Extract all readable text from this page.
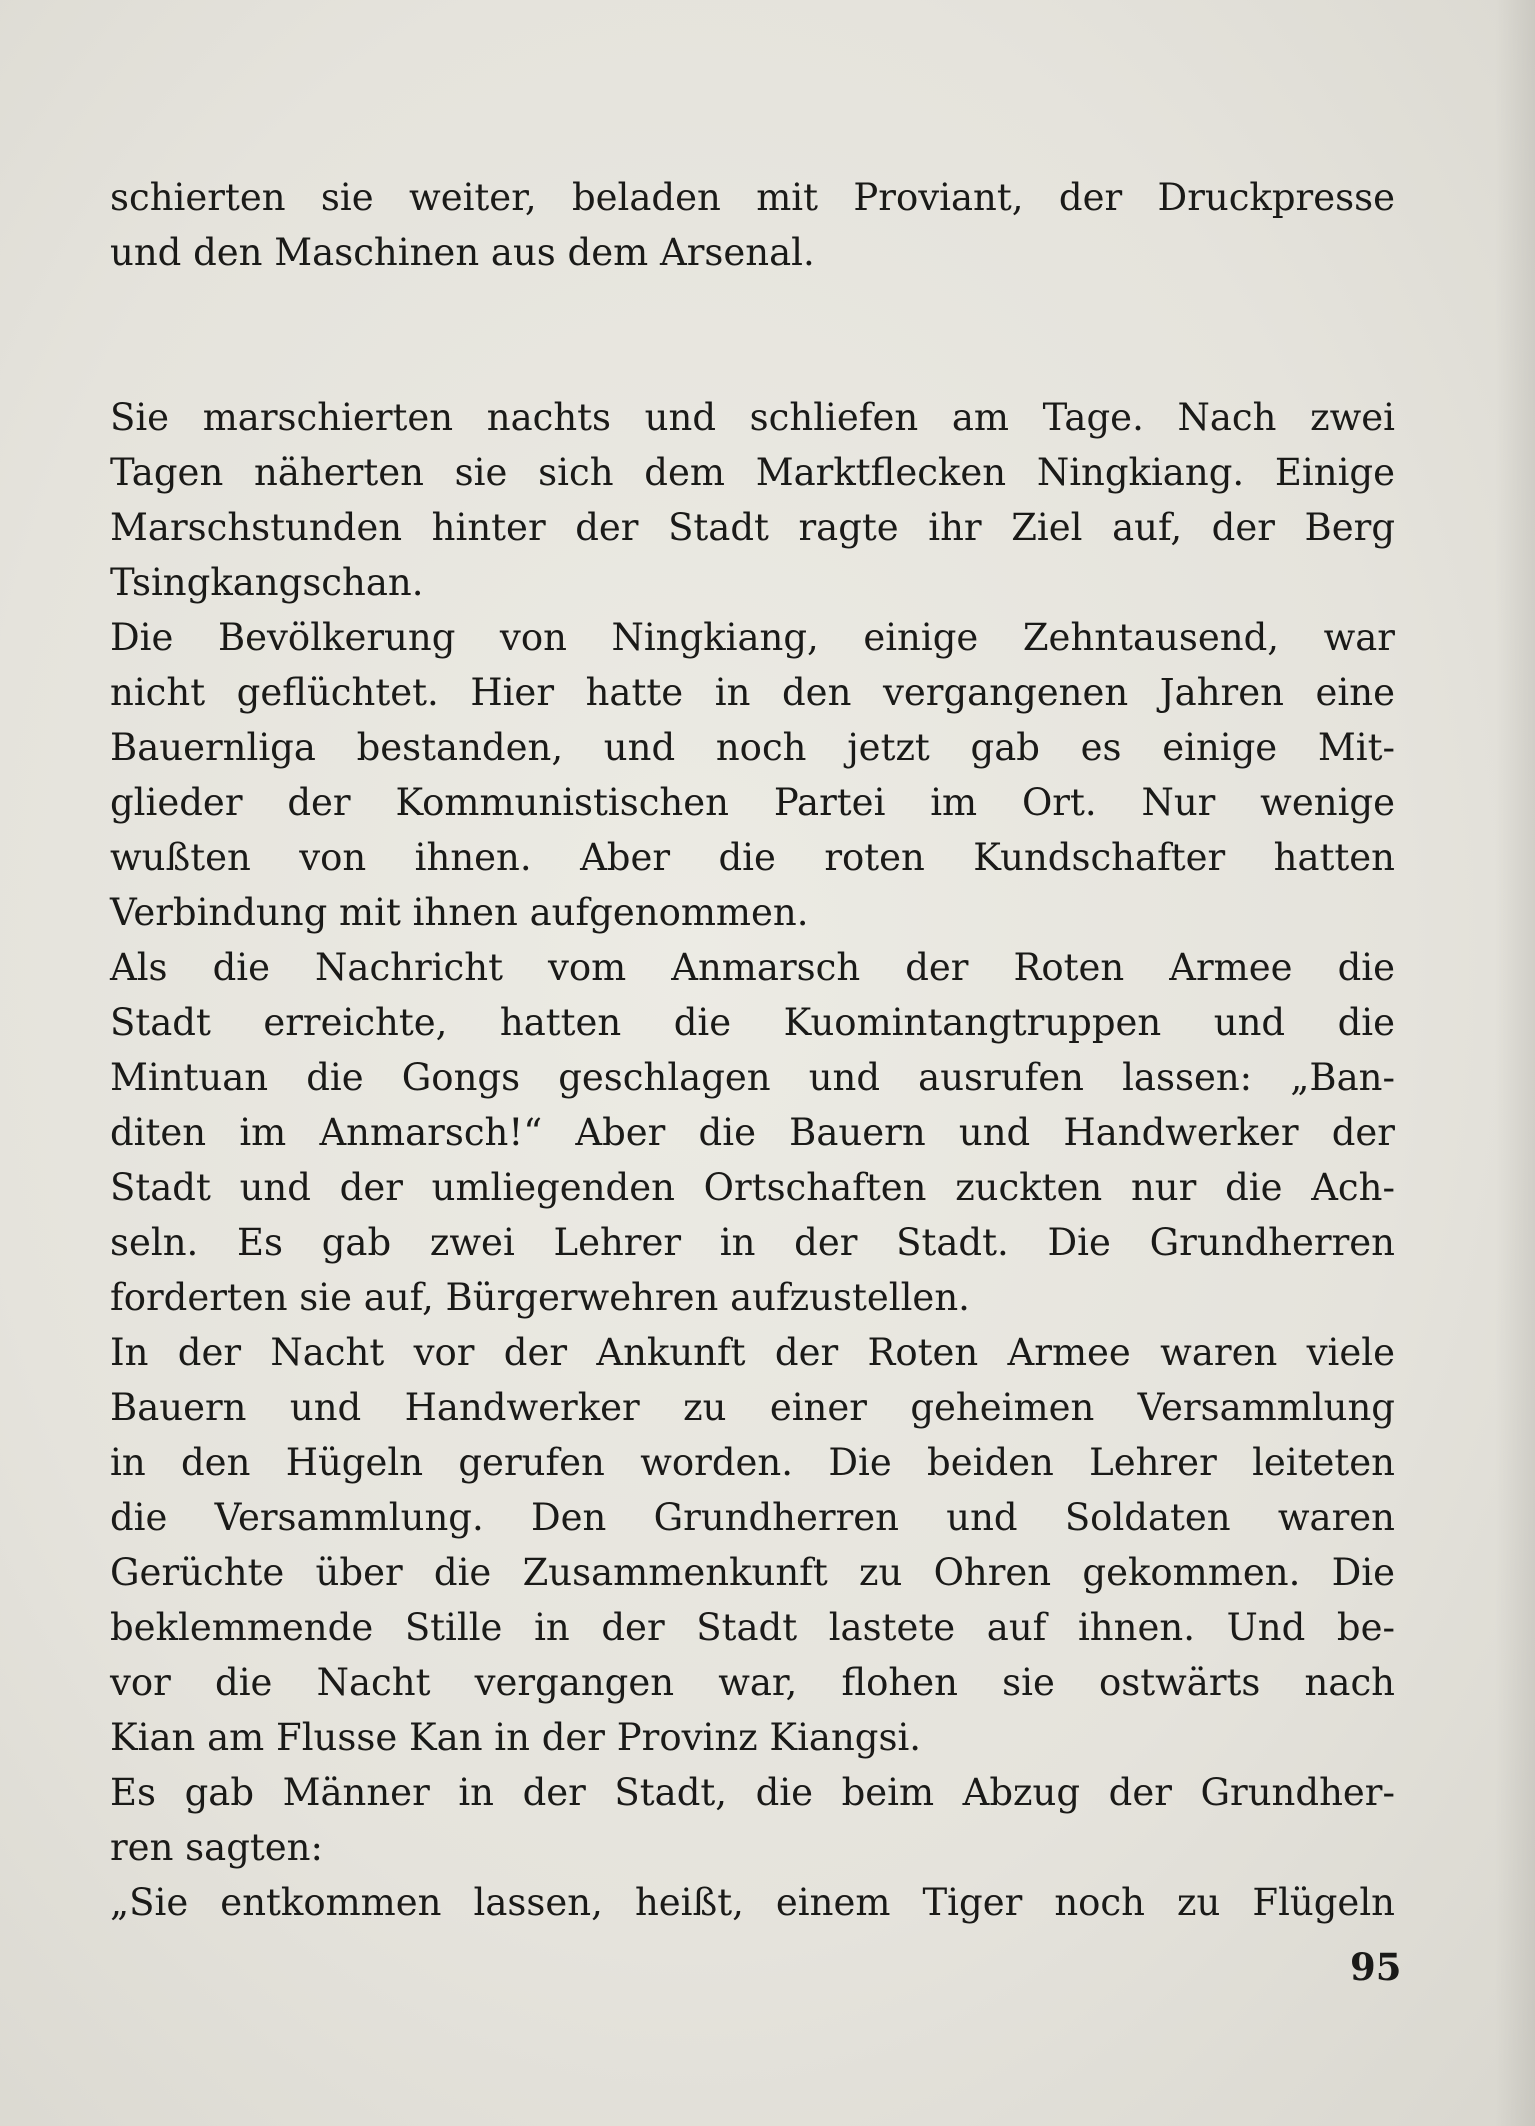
schierten sie weiter, beladen mit Proviant, der Druckpresse
und den Maschinen aus dem Arsenal.
Sie marschierten nachts und schliefen am Tage. Nach zwei
Tagen näherten sie sich dem Marktflecken Ningkiang. Einige
Marschstunden hinter der Stadt ragte ihr Ziel auf, der Berg
Tsingkangschan.
Die Bevölkerung von Ningkiang, einige Zehntausend, war
nicht geflüchtet. Hier hatte in den vergangenen Jahren eine
Bauernliga bestanden, und noch jetzt gab es einige Mit-
glieder der Kommunistischen Partei im Ort. Nur wenige
wußten von ihnen. Aber die roten Kundschafter hatten
Verbindung mit ihnen aufgenommen.
Als die Nachricht vom Anmarsch der Roten Armee die
Stadt erreichte, hatten die Kuomintangtruppen und die
Mintuan die Gongs geschlagen und ausrufen lassen: „Ban-
diten im Anmarsch!“ Aber die Bauern und Handwerker der
Stadt und der umliegenden Ortschaften zuckten nur die Ach-
seln. Es gab zwei Lehrer in der Stadt. Die Grundherren
forderten sie auf, Bürgerwehren aufzustellen.
In der Nacht vor der Ankunft der Roten Armee waren viele
Bauern und Handwerker zu einer geheimen Versammlung
in den Hügeln gerufen worden. Die beiden Lehrer leiteten
die Versammlung. Den Grundherren und Soldaten waren
Gerüchte über die Zusammenkunft zu Ohren gekommen. Die
beklemmende Stille in der Stadt lastete auf ihnen. Und be-
vor die Nacht vergangen war, flohen sie ostwärts nach
Kian am Flusse Kan in der Provinz Kiangsi.
Es gab Männer in der Stadt, die beim Abzug der Grundher-
ren sagten:
„Sie entkommen lassen, heißt, einem Tiger noch zu Flügeln
95
